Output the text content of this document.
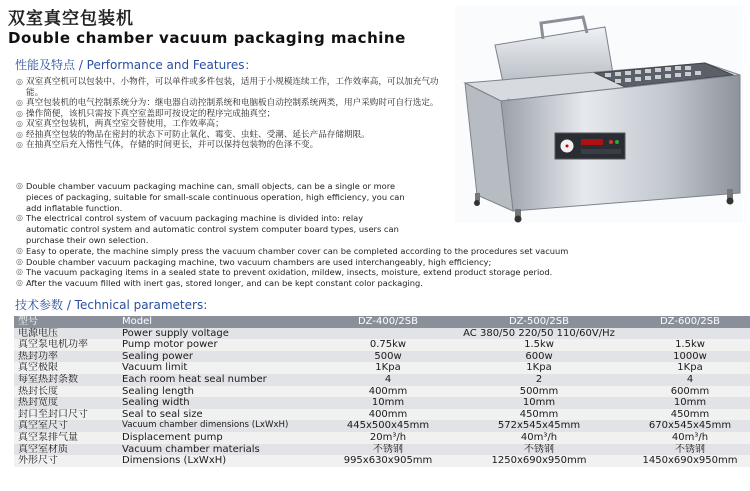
双室真空包装机
Double chamber vacuum packaging machine
性能及特点 / Performance and Features：
◎ 双室真空机可以包装中、小物件，可以单件或多件包装，适用于小规模连续工作，工作效率高，可以加充气功能。
◎ 真空包装机的电气控制系统分为：继电器自动控制系统和电脑板自动控制系统两类，用户采购时可自行选定。
◎ 操作简便，该机只需按下真空室盖即可按设定的程序完成抽真空；
◎ 双室真空包装机，两真空室交替使用，工作效率高；
◎ 经抽真空包装的物品在密封的状态下可防止氧化、霉变、虫蛀、受潮、延长产品存储期限。
◎ 在抽真空后充入惰性气体，存储的时间更长，并可以保持包装物的色泽不变。
◎ Double chamber vacuum packaging machine can, small objects, can be a single or more pieces of packaging, suitable for small-scale continuous operation, high efficiency, you can add inflatable function.
◎ The electrical control system of vacuum packaging machine is divided into: relay automatic control system and automatic control system computer board types, users can purchase their own selection.
◎ Easy to operate, the machine simply press the vacuum chamber cover can be completed according to the procedures set vacuum
◎ Double chamber vacuum packaging machine, two vacuum chambers are used interchangeably, high efficiency;
◎ The vacuum packaging items in a sealed state to prevent oxidation, mildew, insects, moisture, extend product storage period.
◎ After the vacuum filled with inert gas, stored longer, and can be kept constant color packaging.
技术参数 / Technical parameters:
型号	Model	DZ-400/2SB	DZ-500/2SB	DZ-600/2SB
电源电压	Power supply voltage	AC 380/50 220/50 110/60V/Hz		
真空泵电机功率	Pump motor power	0.75kw	1.5kw	1.5kw
热封功率	Sealing power	500w	600w	1000w
真空极限	Vacuum limit	1Kpa	1Kpa	1Kpa
每室热封条数	Each room heat seal number	4	2	4
热封长度	Sealing length	400mm	500mm	600mm
热封宽度	Sealing width	10mm	10mm	10mm
封口至封口尺寸	Seal to seal size	400mm	450mm	450mm
真空室尺寸	Vacuum chamber dimensions (LxWxH)	445x500x45mm	572x545x45mm	670x545x45mm
真空泵排气量	Displacement pump	20m³/h	40m³/h	40m³/h
真空室材质	Vacuum chamber materials	不锈钢	不锈钢	不锈钢
外形尺寸	Dimensions (LxWxH)	995x630x905mm	1250x690x950mm	1450x690x950mm
